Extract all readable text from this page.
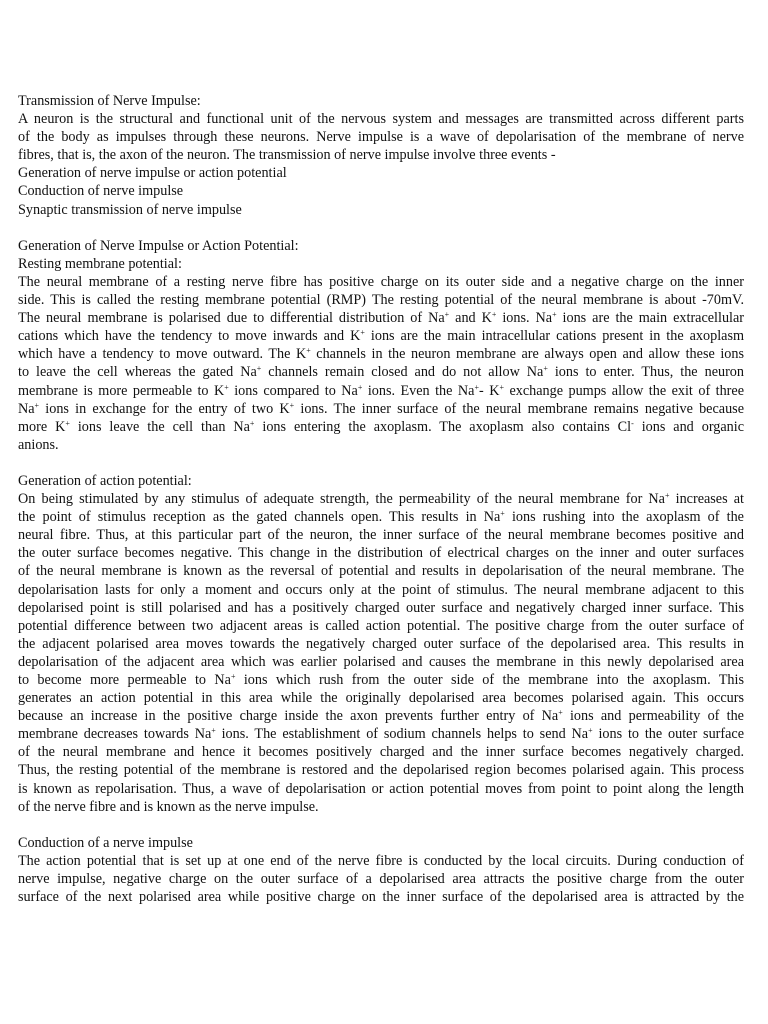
Transmission of Nerve Impulse:
A neuron is the structural and functional unit of the nervous system and messages are transmitted across different parts
of the body as impulses through these neurons. Nerve impulse is a wave of depolarisation of the membrane of nerve
fibres, that is, the axon of the neuron. The transmission of nerve impulse involve three events -
Generation of nerve impulse or action potential
Conduction of nerve impulse
Synaptic transmission of nerve impulse
Generation of Nerve Impulse or Action Potential:
Resting membrane potential:
The neural membrane of a resting nerve fibre has positive charge on its outer side and a negative charge on the inner
side. This is called the resting membrane potential (RMP) The resting potential of the neural membrane is about -70mV.
The neural membrane is polarised due to differential distribution of Na+ and K+ ions. Na+ ions are the main extracellular
cations which have the tendency to move inwards and K+ ions are the main intracellular cations present in the axoplasm
which have a tendency to move outward. The K+ channels in the neuron membrane are always open and allow these ions
to leave the cell whereas the gated Na+ channels remain closed and do not allow Na+ ions to enter. Thus, the neuron
membrane is more permeable to K+ ions compared to Na+ ions. Even the Na+- K+ exchange pumps allow the exit of three
Na+ ions in exchange for the entry of two K+ ions. The inner surface of the neural membrane remains negative because
more K+ ions leave the cell than Na+ ions entering the axoplasm. The axoplasm also contains Cl- ions and organic
anions.
Generation of action potential:
On being stimulated by any stimulus of adequate strength, the permeability of the neural membrane for Na+ increases at
the point of stimulus reception as the gated channels open. This results in Na+ ions rushing into the axoplasm of the
neural fibre. Thus, at this particular part of the neuron, the inner surface of the neural membrane becomes positive and
the outer surface becomes negative. This change in the distribution of electrical charges on the inner and outer surfaces
of the neural membrane is known as the reversal of potential and results in depolarisation of the neural membrane. The
depolarisation lasts for only a moment and occurs only at the point of stimulus. The neural membrane adjacent to this
depolarised point is still polarised and has a positively charged outer surface and negatively charged inner surface. This
potential difference between two adjacent areas is called action potential. The positive charge from the outer surface of
the adjacent polarised area moves towards the negatively charged outer surface of the depolarised area. This results in
depolarisation of the adjacent area which was earlier polarised and causes the membrane in this newly depolarised area
to become more permeable to Na+ ions which rush from the outer side of the membrane into the axoplasm. This
generates an action potential in this area while the originally depolarised area becomes polarised again. This occurs
because an increase in the positive charge inside the axon prevents further entry of Na+ ions and permeability of the
membrane decreases towards Na+ ions. The establishment of sodium channels helps to send Na+ ions to the outer surface
of the neural membrane and hence it becomes positively charged and the inner surface becomes negatively charged.
Thus, the resting potential of the membrane is restored and the depolarised region becomes polarised again. This process
is known as repolarisation. Thus, a wave of depolarisation or action potential moves from point to point along the length
of the nerve fibre and is known as the nerve impulse.
Conduction of a nerve impulse
The action potential that is set up at one end of the nerve fibre is conducted by the local circuits. During conduction of
nerve impulse, negative charge on the outer surface of a depolarised area attracts the positive charge from the outer
surface of the next polarised area while positive charge on the inner surface of the depolarised area is attracted by the
